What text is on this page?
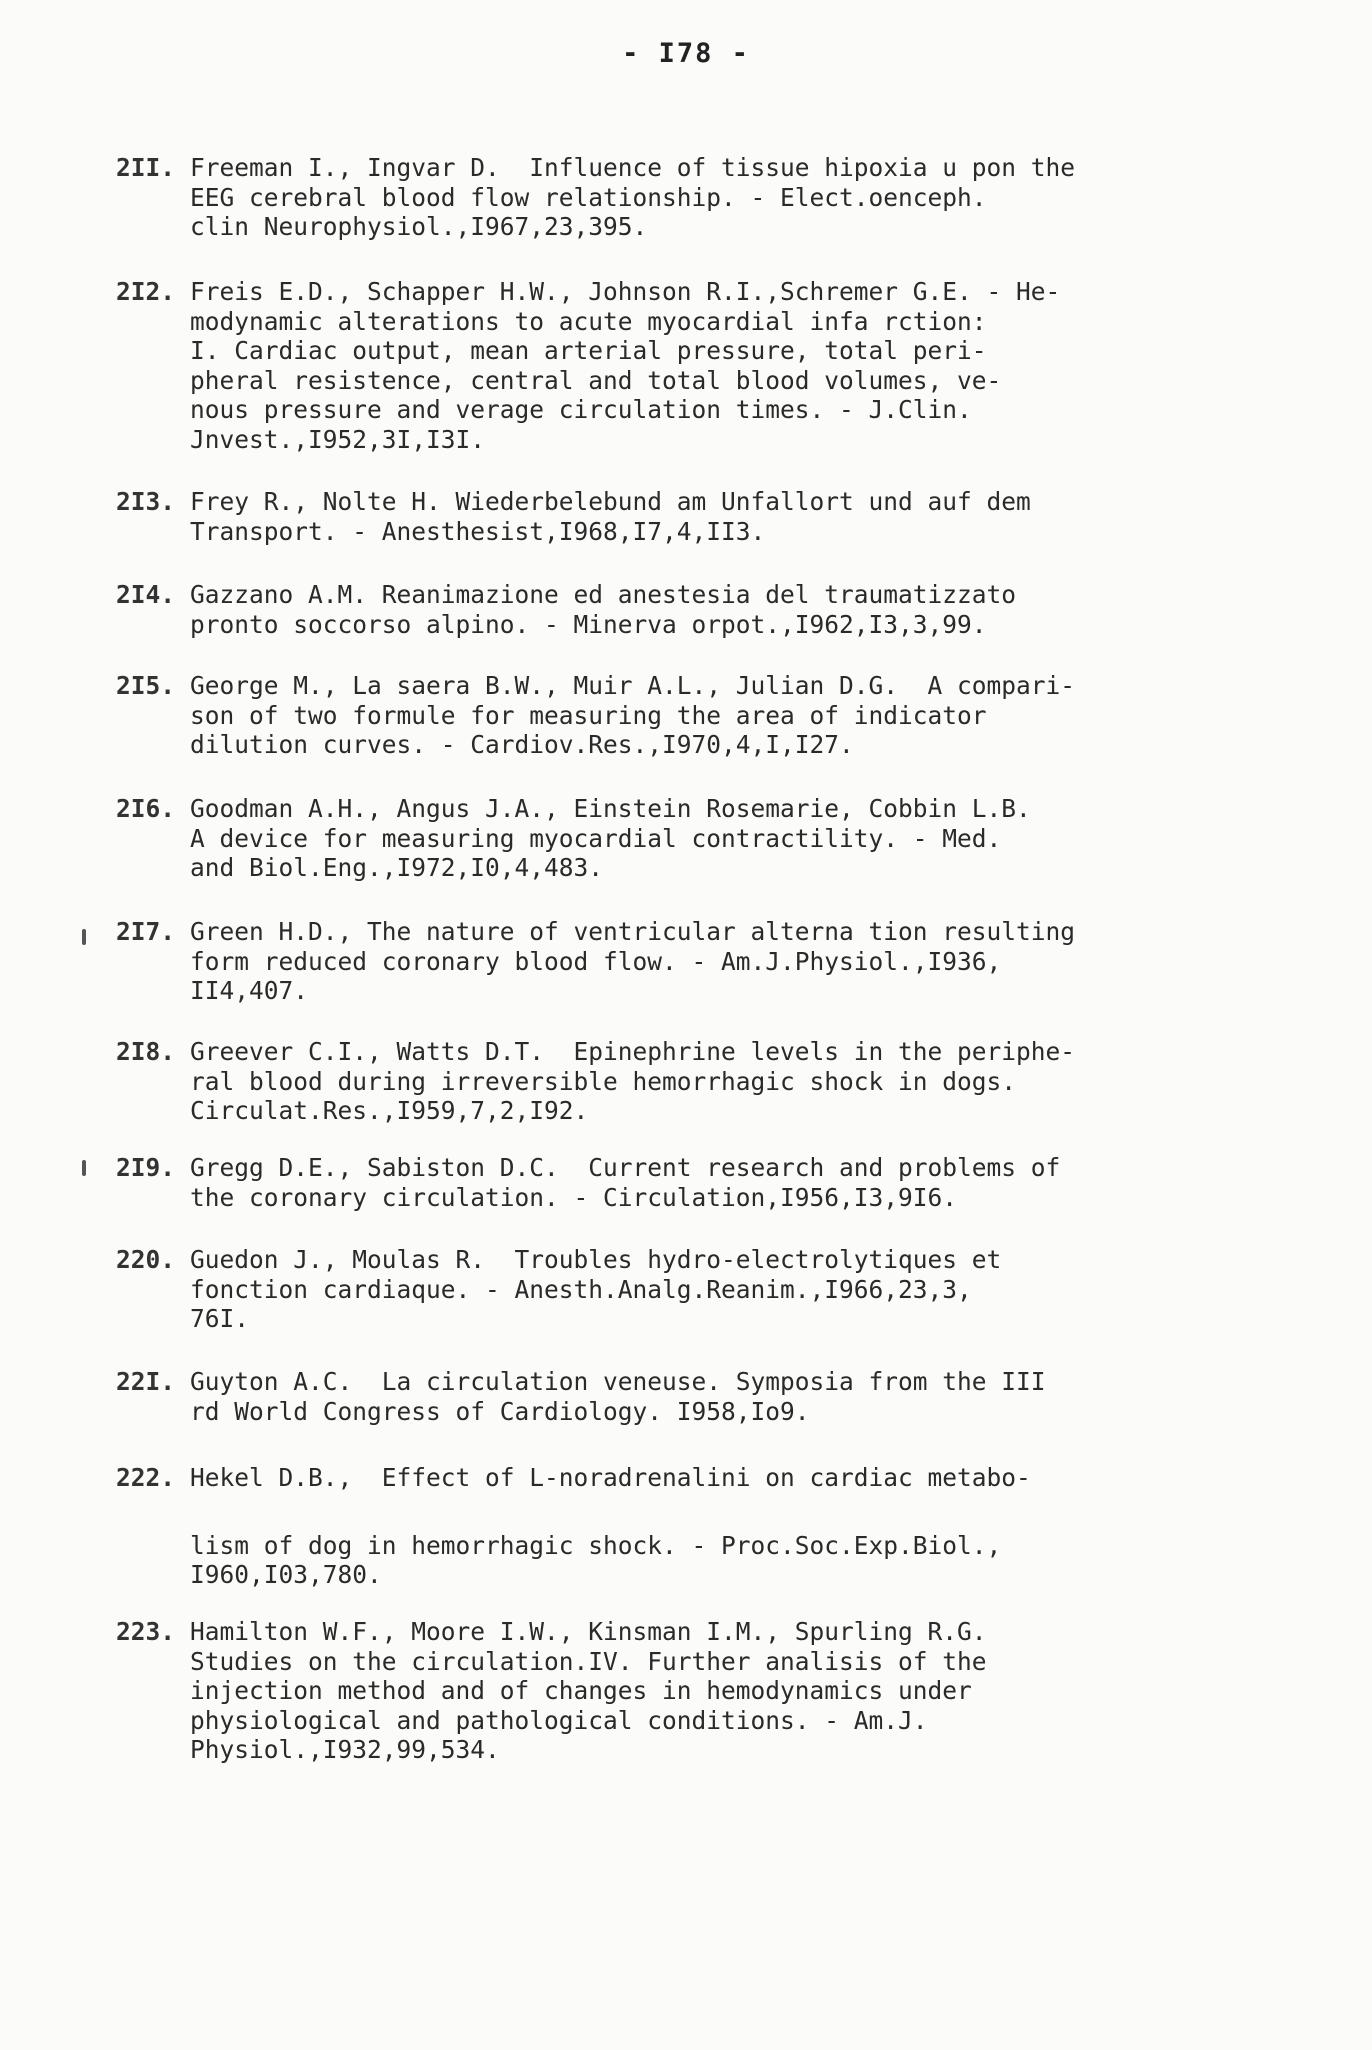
- I78 -
2II. Freeman I., Ingvar D.  Influence of tissue hipoxia u pon the
EEG cerebral blood flow relationship. - Elect.oenceph.
clin Neurophysiol.,I967,23,395.
2I2. Freis E.D., Schapper H.W., Johnson R.I.,Schremer G.E. - He-
modynamic alterations to acute myocardial infa rction:
I. Cardiac output, mean arterial pressure, total peri-
pheral resistence, central and total blood volumes, ve-
nous pressure and verage circulation times. - J.Clin.
Jnvest.,I952,3I,I3I.
2I3. Frey R., Nolte H. Wiederbelebund am Unfallort und auf dem
Transport. - Anesthesist,I968,I7,4,II3.
2I4. Gazzano A.M. Reanimazione ed anestesia del traumatizzato
pronto soccorso alpino. - Minerva orpot.,I962,I3,3,99.
2I5. George M., La saera B.W., Muir A.L., Julian D.G.  A compari-
son of two formule for measuring the area of indicator
dilution curves. - Cardiov.Res.,I970,4,I,I27.
2I6. Goodman A.H., Angus J.A., Einstein Rosemarie, Cobbin L.B.
A device for measuring myocardial contractility. - Med.
and Biol.Eng.,I972,I0,4,483.
2I7. Green H.D., The nature of ventricular alterna tion resulting
form reduced coronary blood flow. - Am.J.Physiol.,I936,
II4,407.
2I8. Greever C.I., Watts D.T.  Epinephrine levels in the periphe-
ral blood during irreversible hemorrhagic shock in dogs.
Circulat.Res.,I959,7,2,I92.
2I9. Gregg D.E., Sabiston D.C.  Current research and problems of
the coronary circulation. - Circulation,I956,I3,9I6.
220. Guedon J., Moulas R.  Troubles hydro-electrolytiques et
fonction cardiaque. - Anesth.Analg.Reanim.,I966,23,3,
76I.
22I. Guyton A.C.  La circulation veneuse. Symposia from the III
rd World Congress of Cardiology. I958,Io9.
222. Hekel D.B.,  Effect of L-noradrenalini on cardiac metabo-
lism of dog in hemorrhagic shock. - Proc.Soc.Exp.Biol.,
I960,I03,780.
223. Hamilton W.F., Moore I.W., Kinsman I.M., Spurling R.G.
Studies on the circulation.IV. Further analisis of the
injection method and of changes in hemodynamics under
physiological and pathological conditions. - Am.J.
Physiol.,I932,99,534.
